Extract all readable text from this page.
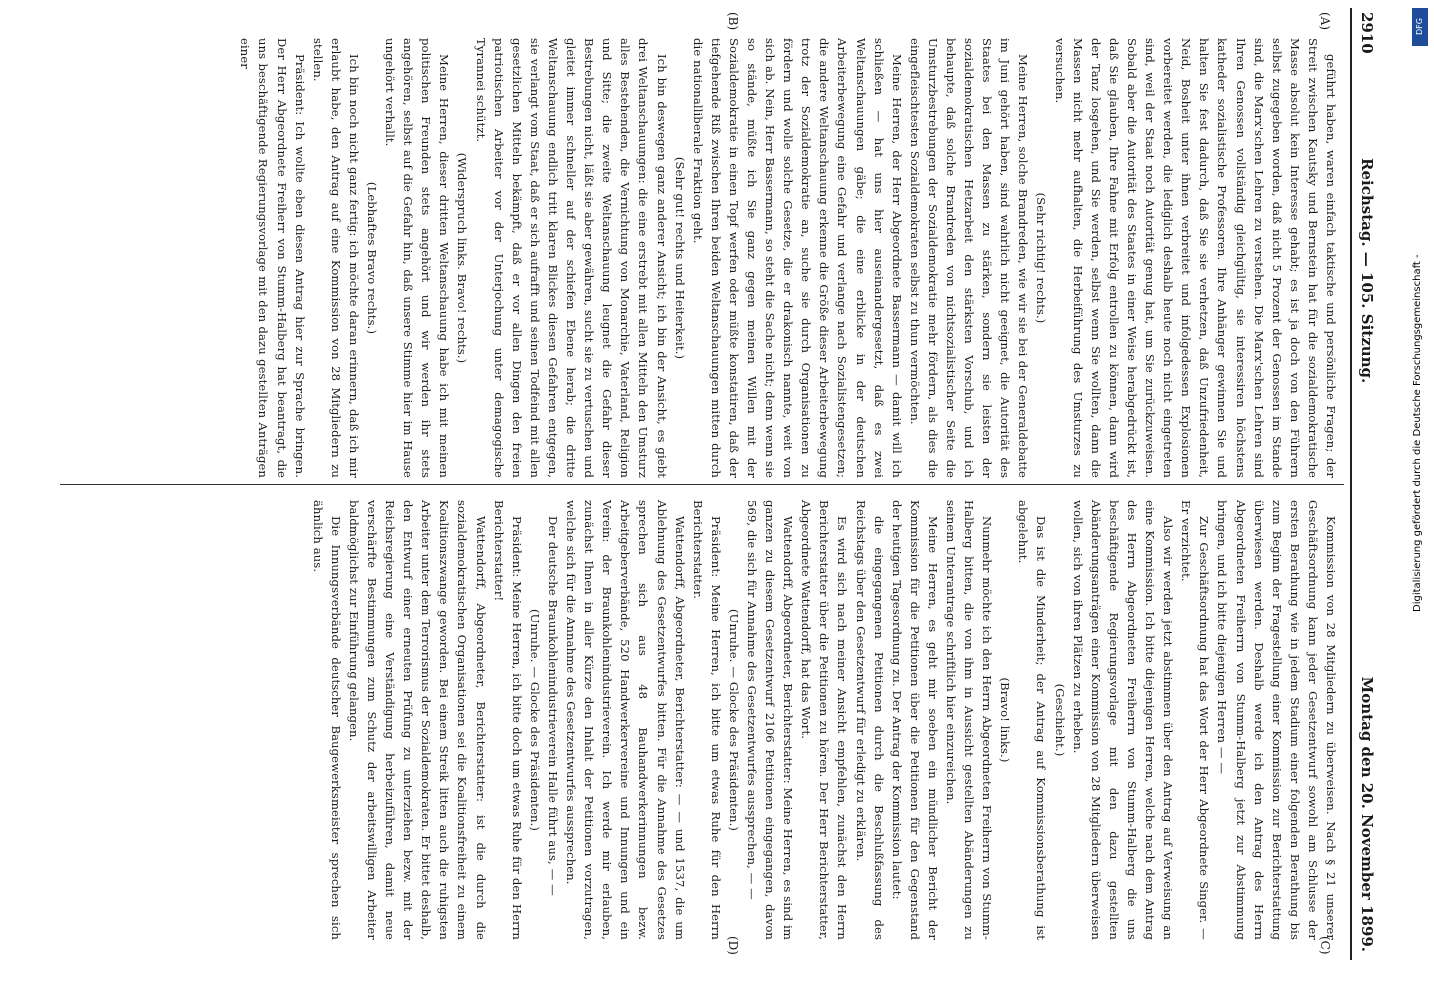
2910
Reichstag. — 105. Sitzung.
Montag den 20. November 1899.
(A)
(B)
(C)
(D)

geführt haben, waren einfach taktische und persönliche Fragen; der Streit zwischen Kautsky und Bernstein hat für die sozialdemokratische Masse absolut kein Interesse gehabt; es ist ja doch von den Führern selbst zugegeben worden, daß nicht 5 Prozent der Genossen im Stande sind, die Marx'schen Lehren zu verstehen. Die Marx'schen Lehren sind Ihren Genossen vollständig gleichgültig, sie interessiren höchstens katheder sozialistische Professoren. Ihre Anhänger gewinnen Sie und halten Sie fest dadurch, daß Sie sie verhetzen, daß Unzufriedenheit, Neid, Bosheit unter ihnen verbreitet und infolgedessen Explosionen vorbereitet werden, die lediglich deshalb heute noch nicht eingetreten sind, weil der Staat noch Autorität genug hat, um Sie zurückzuweisen. Sobald aber die Autorität des Staates in einer Weise herabgedrückt ist, daß Sie glauben, Ihre Fahne mit Erfolg entrollen zu können, dann wird der Tanz losgehen, und Sie werden, selbst wenn Sie wollten, dann die Massen nicht mehr aufhalten, die Herbeiführung des Umsturzes zu versuchen.

(Sehr richtig! rechts.)

Meine Herren, solche Brandreden, wie wir sie bei der Generaldebatte im Juni gehört haben, sind wahrlich nicht geeignet, die Autorität des Staates bei den Massen zu stärken, sondern sie leisten der sozialdemokratischen Hetzarbeit den stärksten Vorschub, und ich behaupte, daß solche Brandreden von nichtsozialistischer Seite die Umsturzbestrebungen der Sozialdemokratie mehr fördern, als dies die eingefleischtesten Sozialdemokraten selbst zu thun vermöchten.

Meine Herren, der Herr Abgeordnete Bassermann — damit will ich schließen — hat uns hier auseinandergesetzt, daß es zwei Weltanschauungen gäbe; die eine erblicke in der deutschen Arbeiterbewegung eine Gefahr und verlange nach Sozialistengesetzen; die andere Weltanschauung erkenne die Größe dieser Arbeiterbewegung trotz der Sozialdemokratie an, suche sie durch Organisationen zu fördern und wolle solche Gesetze, die er drakonisch nannte, weit von sich ab. Nein, Herr Bassermann, so steht die Sache nicht; denn wenn sie so stände, müßte ich Sie ganz gegen meinen Willen mit der Sozialdemokratie in einen Topf werfen oder müßte konstatiren, daß der tiefgehende Riß zwischen Ihren beiden Weltanschauungen mitten durch die nationalliberale Fraktion geht.

(Sehr gut! rechts und Heiterkeit.)

Ich bin deswegen ganz anderer Ansicht; ich bin der Ansicht, es giebt drei Weltanschauungen: die eine erstrebt mit allen Mitteln den Umsturz alles Bestehenden, die Vernichtung von Monarchie, Vaterland, Religion und Sitte; die zweite Weltanschauung leugnet die Gefahr dieser Bestrebungen nicht, läßt sie aber gewähren, sucht sie zu vertuschen und gleitet immer schneller auf der schiefen Ebene herab; die dritte Weltanschauung endlich tritt klaren Blickes diesen Gefahren entgegen, sie verlangt vom Staat, daß er sich aufrafft und seinen Todfeind mit allen gesetzlichen Mitteln bekämpft, daß er vor allen Dingen den freien patriotischen Arbeiter vor der Unterjochung unter demagogische Tyrannei schützt.

(Widerspruch links. Bravo! rechts.)

Meine Herren, dieser dritten Weltanschauung habe ich mit meinen politischen Freunden stets angehört und wir werden ihr stets angehören, selbst auf die Gefahr hin, daß unsere Stimme hier im Hause ungehört verhallt.

(Lebhaftes Bravo rechts.)

Ich bin noch nicht ganz fertig: ich möchte daran erinnern, daß ich mir erlaubt habe, den Antrag auf eine Kommission von 28 Mitgliedern zu stellen.

Präsident: Ich wollte eben diesen Antrag hier zur Sprache bringen. Der Herr Abgeordnete Freiherr von Stumm-Halberg hat beantragt, die uns beschäftigende Regierungsvorlage mit den dazu gestellten Anträgen einer

Kommission von 28 Mitgliedern zu überweisen. Nach § 21 unserer Geschäftsordnung kann jeder Gesetzentwurf sowohl am Schlusse der ersten Berathung wie in jedem Stadium einer folgenden Berathung bis zum Beginn der Fragestellung einer Kommission zur Berichterstattung überwiesen werden. Deshalb werde ich den Antrag des Herrn Abgeordneten Freiherrn von Stumm-Halberg jetzt zur Abstimmung bringen, und ich bitte diejenigen Herren — —

Zur Geschäftsordnung hat das Wort der Herr Abgeordnete Singer. — Er verzichtet.

Also wir werden jetzt abstimmen über den Antrag auf Verweisung an eine Kommission. Ich bitte diejenigen Herren, welche nach dem Antrag des Herrn Abgeordneten Freiherrn von Stumm-Halberg die uns beschäftigende Regierungsvorlage mit den dazu gestellten Abänderungsanträgen einer Kommission von 28 Mitgliedern überweisen wollen, sich von ihren Plätzen zu erheben.

(Geschieht.)

Das ist die Minderheit; der Antrag auf Kommissionsberathung ist abgelehnt.

(Bravo! links.)

Nunmehr möchte ich den Herrn Abgeordneten Freiherrn von Stumm-Halberg bitten, die von ihm in Aussicht gestellten Abänderungen zu seinem Unterantrage schriftlich hier einzureichen.

Meine Herren, es geht mir soeben ein mündlicher Bericht der Kommission für die Petitionen über die Petitionen für den Gegenstand der heutigen Tagesordnung zu. Der Antrag der Kommission lautet:

die eingegangenen Petitionen durch die Beschlußfassung des Reichstags über den Gesetzentwurf für erledigt zu erklären.

Es wird sich nach meiner Ansicht empfehlen, zunächst den Herrn Berichterstatter über die Petitionen zu hören. Der Herr Berichterstatter, Abgeordnete Wattendorff, hat das Wort.

Wattendorff, Abgeordneter, Berichterstatter: Meine Herren, es sind im ganzen zu diesem Gesetzentwurf 2106 Petitionen eingegangen, davon 569, die sich für Annahme des Gesetzentwurfes aussprechen, — —

(Unruhe. — Glocke des Präsidenten.)

Präsident: Meine Herren, ich bitte um etwas Ruhe für den Herrn Berichterstatter.

Wattendorff, Abgeordneter, Berichterstatter: — — und 1537, die um Ablehnung des Gesetzentwurfes bitten. Für die Annahme des Gesetzes sprechen sich aus 48 Bauhandwerkerinnungen bezw. Arbeitgeberverbände, 520 Handwerkervereine und Innungen und ein Verein: der Braunkohlenindustrieverein. Ich werde mir erlauben, zunächst Ihnen in aller Kürze den Inhalt der Petitionen vorzutragen, welche sich für die Annahme des Gesetzentwurfes aussprechen.

Der deutsche Braunkohlenindustrieverein Halle führt aus, — —

(Unruhe. — Glocke des Präsidenten.)

Präsident: Meine Herren, ich bitte doch um etwas Ruhe für den Herrn Berichterstatter!

Wattendorff, Abgeordneter, Berichterstatter: ist die durch die sozialdemokratischen Organisationen sei die Koalitionsfreiheit zu einem Koalitionszwange geworden. Bei einem Streik litten auch die ruhigsten Arbeiter unter dem Terrorismus der Sozialdemokraten. Er bittet deshalb, den Entwurf einer erneuten Prüfung zu unterziehen bezw. mit der Reichsregierung eine Verständigung herbeizuführen, damit neue verschärfte Bestimmungen zum Schutz der arbeitswilligen Arbeiter baldmöglichst zur Einführung gelangen.

Die Innungsverbände deutscher Baugewerksmeister sprechen sich ähnlich aus.

DFG
Digitalisierung gefördert durch die Deutsche Forschungsgemeinschaft -
